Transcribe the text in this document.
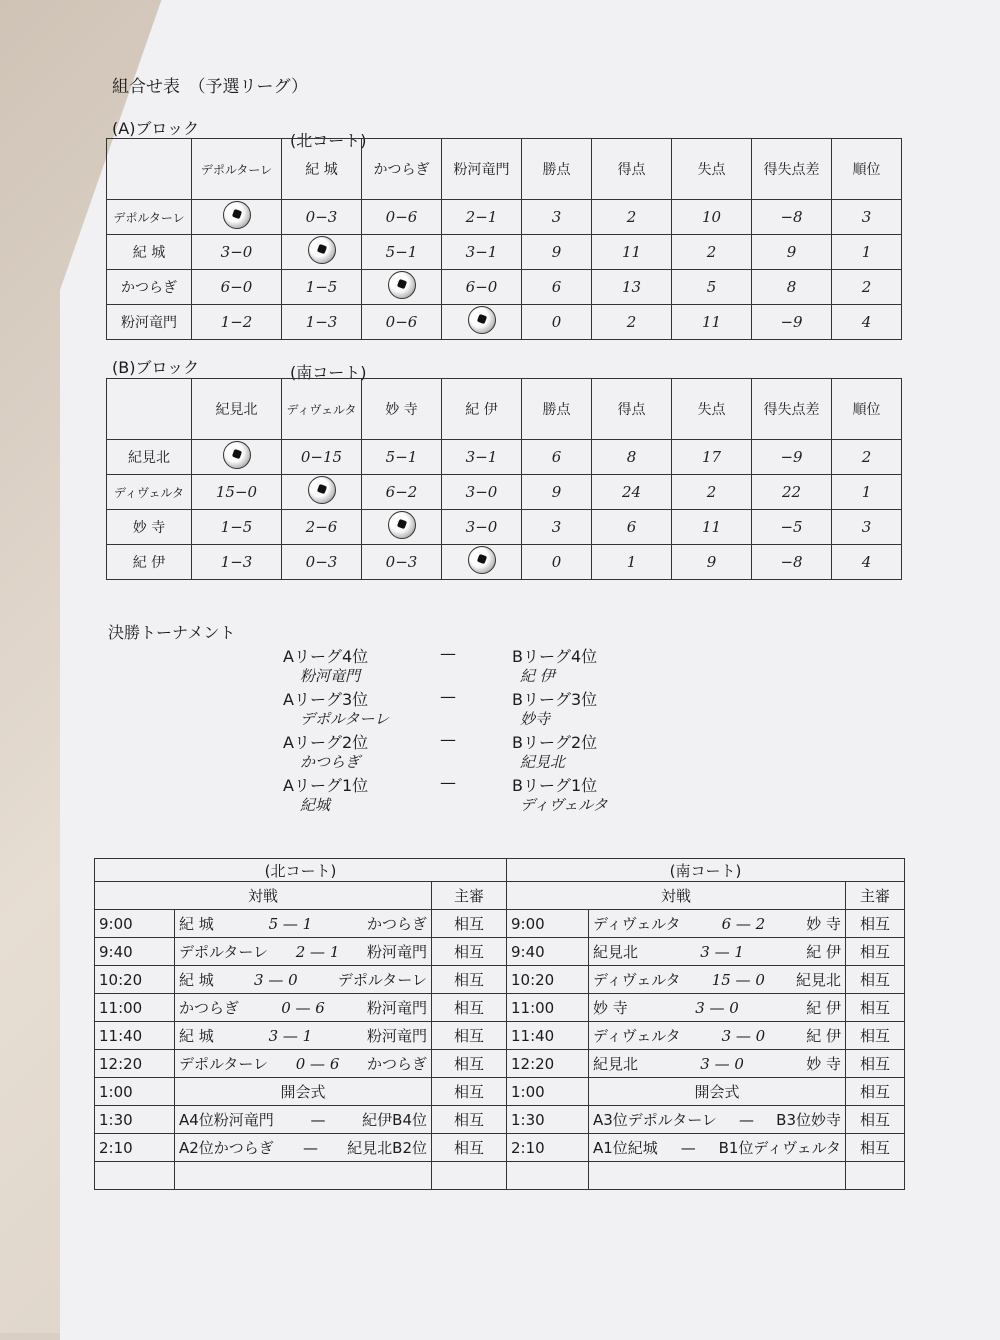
組合せ表　（予選リーグ）
(A)ブロック
(北コート)
	デポルターレ	紀 城	かつらぎ	粉河竜門	勝点	得点	失点	得失点差	順位
デポルターレ		0−3	0−6	2−1	3	2	10	−8	3
紀 城	3−0		5−1	3−1	9	11	2	9	1
かつらぎ	6−0	1−5		6−0	6	13	5	8	2
粉河竜門	1−2	1−3	0−6		0	2	11	−9	4
(B)ブロック	(南コート)
	紀見北	ディヴェルタ	妙 寺	紀 伊	勝点	得点	失点	得失点差	順位
紀見北		0−15	5−1	3−1	6	8	17	−9	2
ディヴェルタ	15−0		6−2	3−0	9	24	2	22	1
妙 寺	1−5	2−6		3−0	3	6	11	−5	3
紀 伊	1−3	0−3	0−3		0	1	9	−8	4
決勝トーナメント
Aリーグ4位	—	Bリーグ4位
粉河竜門	紀 伊
Aリーグ3位	—	Bリーグ3位
デポルターレ	妙寺
Aリーグ2位	—	Bリーグ2位
かつらぎ	紀見北
Aリーグ1位	—	Bリーグ1位
紀城	ディヴェルタ
(北コート)			(南コート)		
対戦		主審	対戦		主審
9:00	紀 城 5 — 1 かつらぎ	相互	9:00	ディヴェルタ 6 — 2 妙 寺	相互
9:40	デポルターレ 2 — 1 粉河竜門	相互	9:40	紀見北 3 — 1 紀 伊	相互
10:20	紀 城 3 — 0 デポルターレ	相互	10:20	ディヴェルタ 15 — 0 紀見北	相互
11:00	かつらぎ 0 — 6 粉河竜門	相互	11:00	妙 寺 3 — 0 紀 伊	相互
11:40	紀 城 3 — 1 粉河竜門	相互	11:40	ディヴェルタ 3 — 0 紀 伊	相互
12:20	デポルターレ 0 — 6 かつらぎ	相互	12:20	紀見北 3 — 0 妙 寺	相互
1:00	開会式	相互	1:00	開会式	相互
1:30	A4位粉河竜門 — 紀伊B4位	相互	1:30	A3位デポルターレ — B3位妙寺	相互
2:10	A2位かつらぎ — 紀見北B2位	相互	2:10	A1位紀城 — B1位ディヴェルタ	相互
